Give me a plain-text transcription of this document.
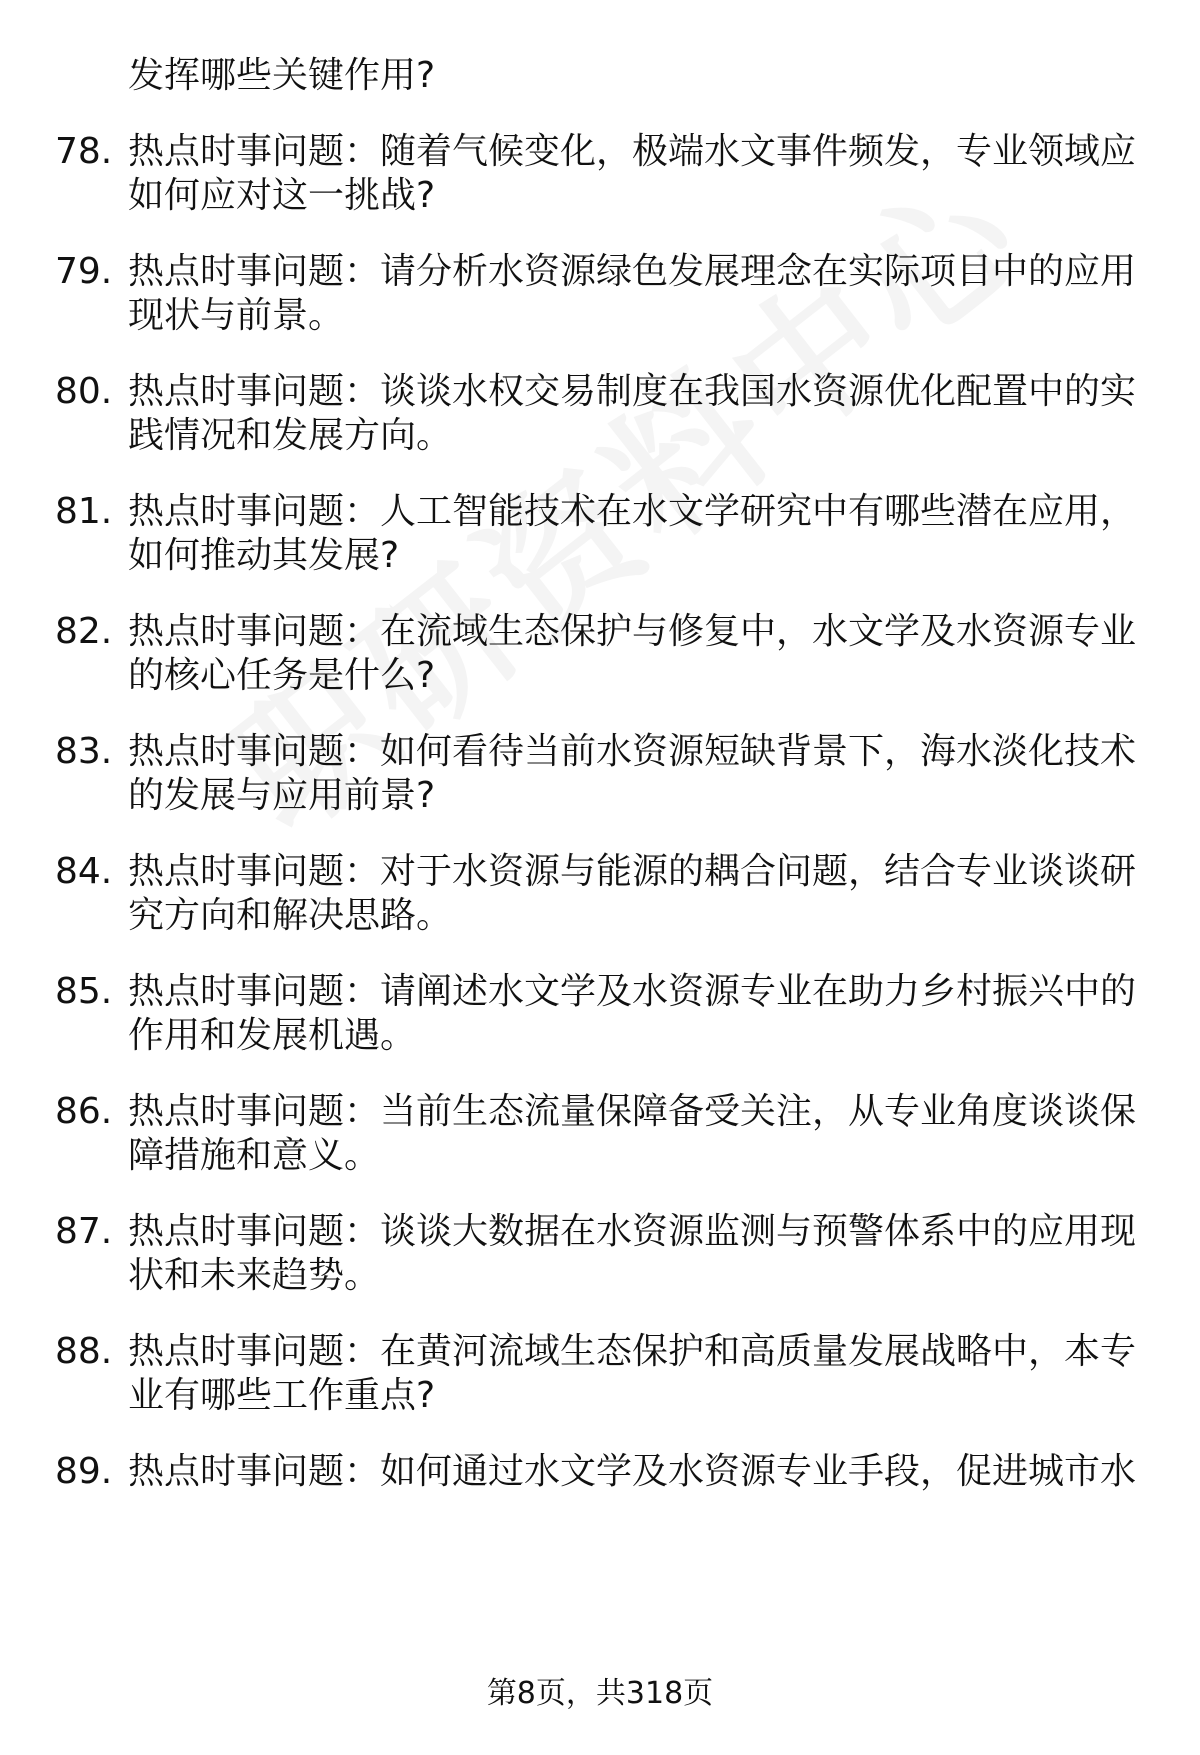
发挥哪些关键作用?
78. 热点时事问题：随着气候变化，极端水文事件频发，专业领域应
如何应对这一挑战?
79. 热点时事问题：请分析水资源绿色发展理念在实际项目中的应用
现状与前景。
80. 热点时事问题：谈谈水权交易制度在我国水资源优化配置中的实
践情况和发展方向。
81. 热点时事问题：人工智能技术在水文学研究中有哪些潜在应用，
如何推动其发展?
82. 热点时事问题：在流域生态保护与修复中，水文学及水资源专业
的核心任务是什么?
83. 热点时事问题：如何看待当前水资源短缺背景下，海水淡化技术
的发展与应用前景?
84. 热点时事问题：对于水资源与能源的耦合问题，结合专业谈谈研
究方向和解决思路。
85. 热点时事问题：请阐述水文学及水资源专业在助力乡村振兴中的
作用和发展机遇。
86. 热点时事问题：当前生态流量保障备受关注，从专业角度谈谈保
障措施和意义。
87. 热点时事问题：谈谈大数据在水资源监测与预警体系中的应用现
状和未来趋势。
88. 热点时事问题：在黄河流域生态保护和高质量发展战略中，本专
业有哪些工作重点?
89. 热点时事问题：如何通过水文学及水资源专业手段，促进城市水
第8页，共318页
